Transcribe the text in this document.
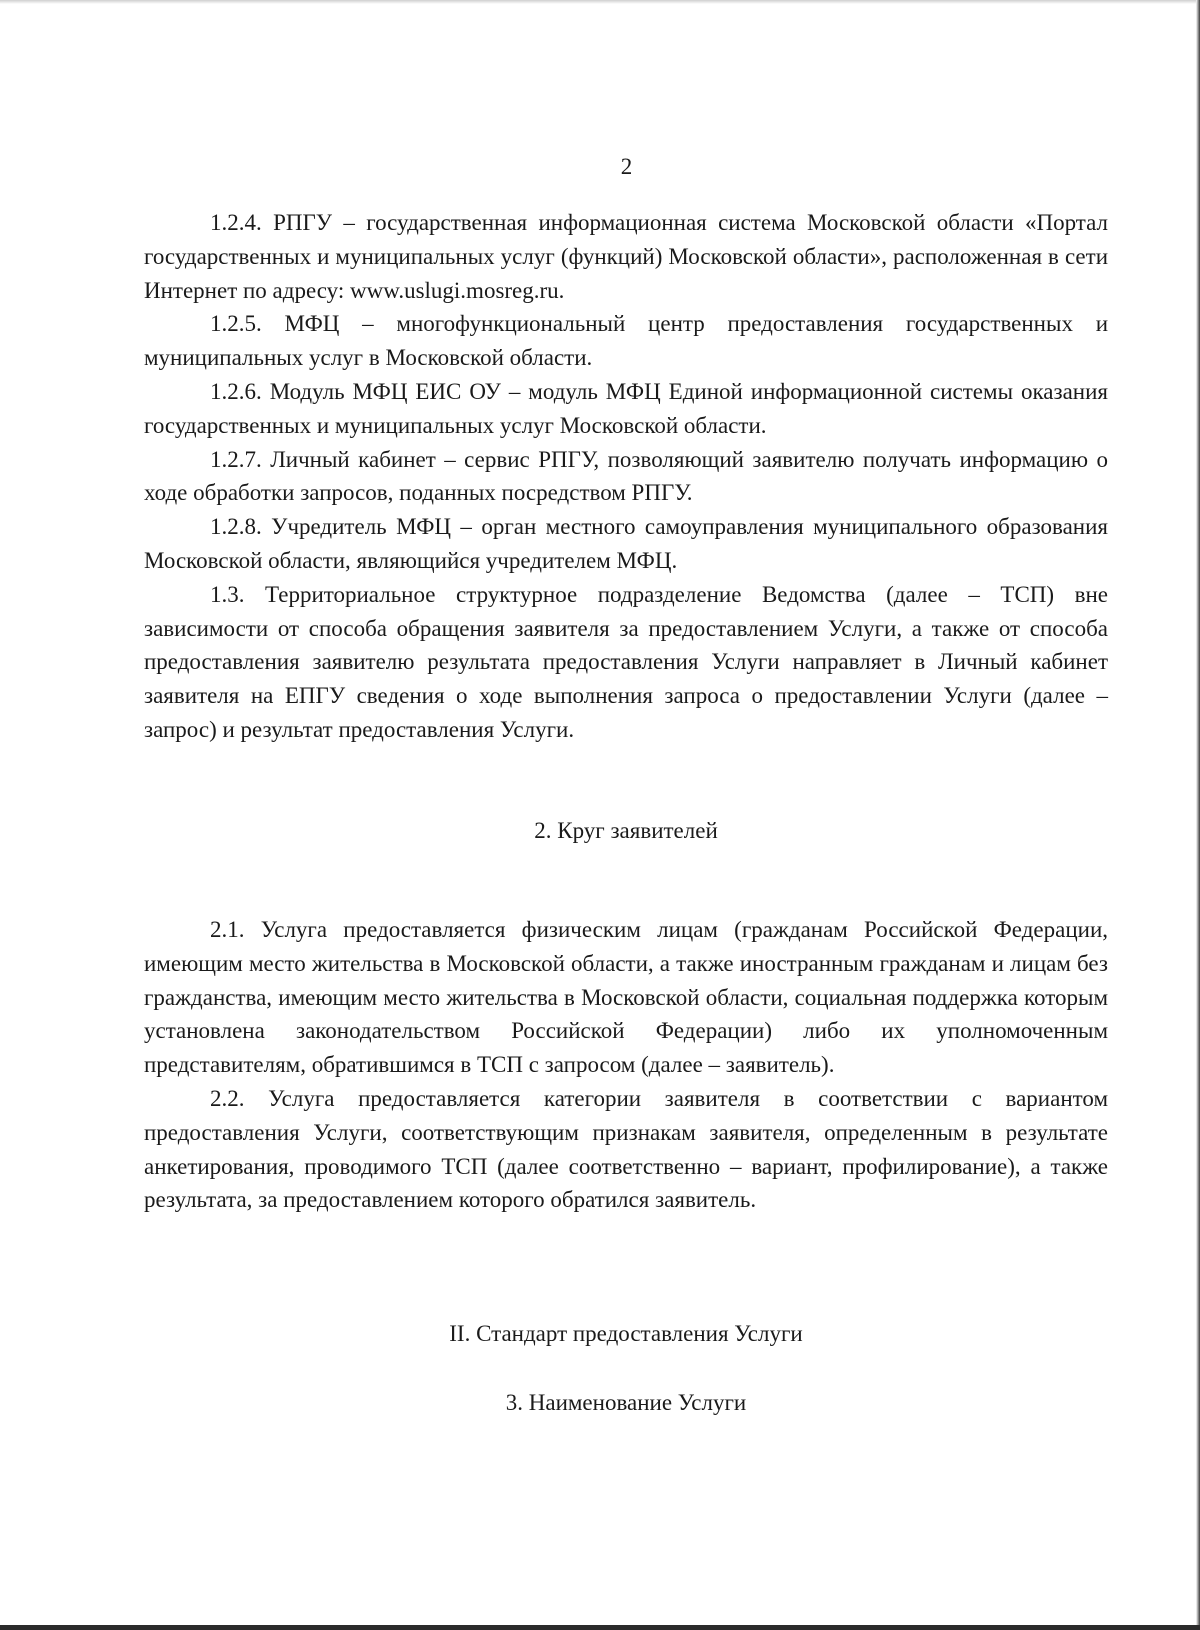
2

1.2.4. РПГУ – государственная информационная система Московской области «Портал государственных и муниципальных услуг (функций) Московской области», расположенная в сети Интернет по адресу: www.uslugi.mosreg.ru.

1.2.5. МФЦ – многофункциональный центр предоставления государственных и муниципальных услуг в Московской области.

1.2.6. Модуль МФЦ ЕИС ОУ – модуль МФЦ Единой информационной системы оказания государственных и муниципальных услуг Московской области.

1.2.7. Личный кабинет – сервис РПГУ, позволяющий заявителю получать информацию о ходе обработки запросов, поданных посредством РПГУ.

1.2.8. Учредитель МФЦ – орган местного самоуправления муниципального образования Московской области, являющийся учредителем МФЦ.

1.3. Территориальное структурное подразделение Ведомства (далее – ТСП) вне зависимости от способа обращения заявителя за предоставлением Услуги, а также от способа предоставления заявителю результата предоставления Услуги направляет в Личный кабинет заявителя на ЕПГУ сведения о ходе выполнения запроса о предоставлении Услуги (далее – запрос) и результат предоставления Услуги.

2. Круг заявителей

2.1. Услуга предоставляется физическим лицам (гражданам Российской Федерации, имеющим место жительства в Московской области, а также иностранным гражданам и лицам без гражданства, имеющим место жительства в Московской области, социальная поддержка которым установлена законодательством Российской Федерации) либо их уполномоченным представителям, обратившимся в ТСП с запросом (далее – заявитель).

2.2. Услуга предоставляется категории заявителя в соответствии с вариантом предоставления Услуги, соответствующим признакам заявителя, определенным в результате анкетирования, проводимого ТСП (далее соответственно – вариант, профилирование), а также результата, за предоставлением которого обратился заявитель.

II. Стандарт предоставления Услуги

3. Наименование Услуги
